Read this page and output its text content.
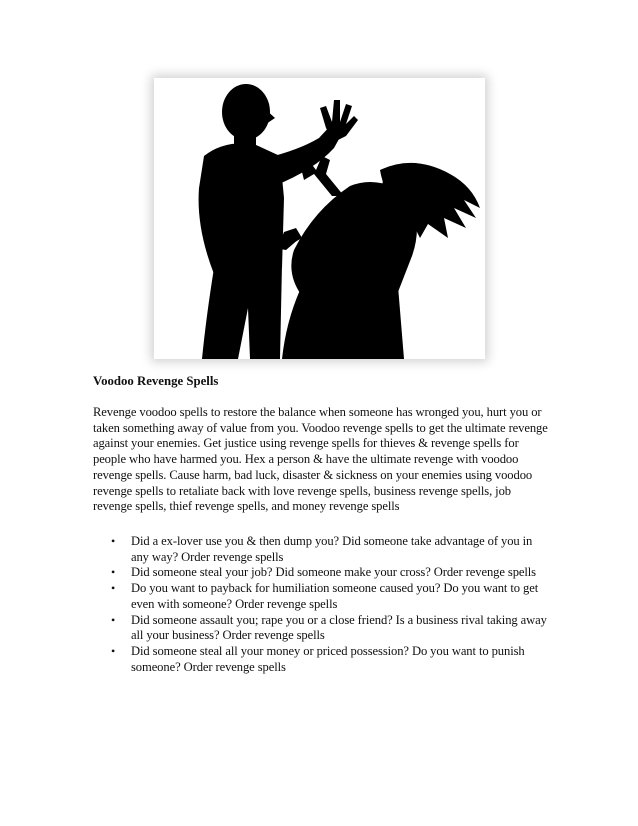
Voodoo Revenge Spells

Revenge voodoo spells to restore the balance when someone has wronged you, hurt you or taken something away of value from you. Voodoo revenge spells to get the ultimate revenge against your enemies. Get justice using revenge spells for thieves & revenge spells for people who have harmed you. Hex a person & have the ultimate revenge with voodoo revenge spells. Cause harm, bad luck, disaster & sickness on your enemies using voodoo revenge spells to retaliate back with love revenge spells, business revenge spells, job revenge spells, thief revenge spells, and money revenge spells

• Did a ex-lover use you & then dump you? Did someone take advantage of you in any way? Order revenge spells
• Did someone steal your job? Did someone make your cross? Order revenge spells
• Do you want to payback for humiliation someone caused you? Do you want to get even with someone? Order revenge spells
• Did someone assault you; rape you or a close friend? Is a business rival taking away all your business? Order revenge spells
• Did someone steal all your money or priced possession? Do you want to punish someone? Order revenge spells
